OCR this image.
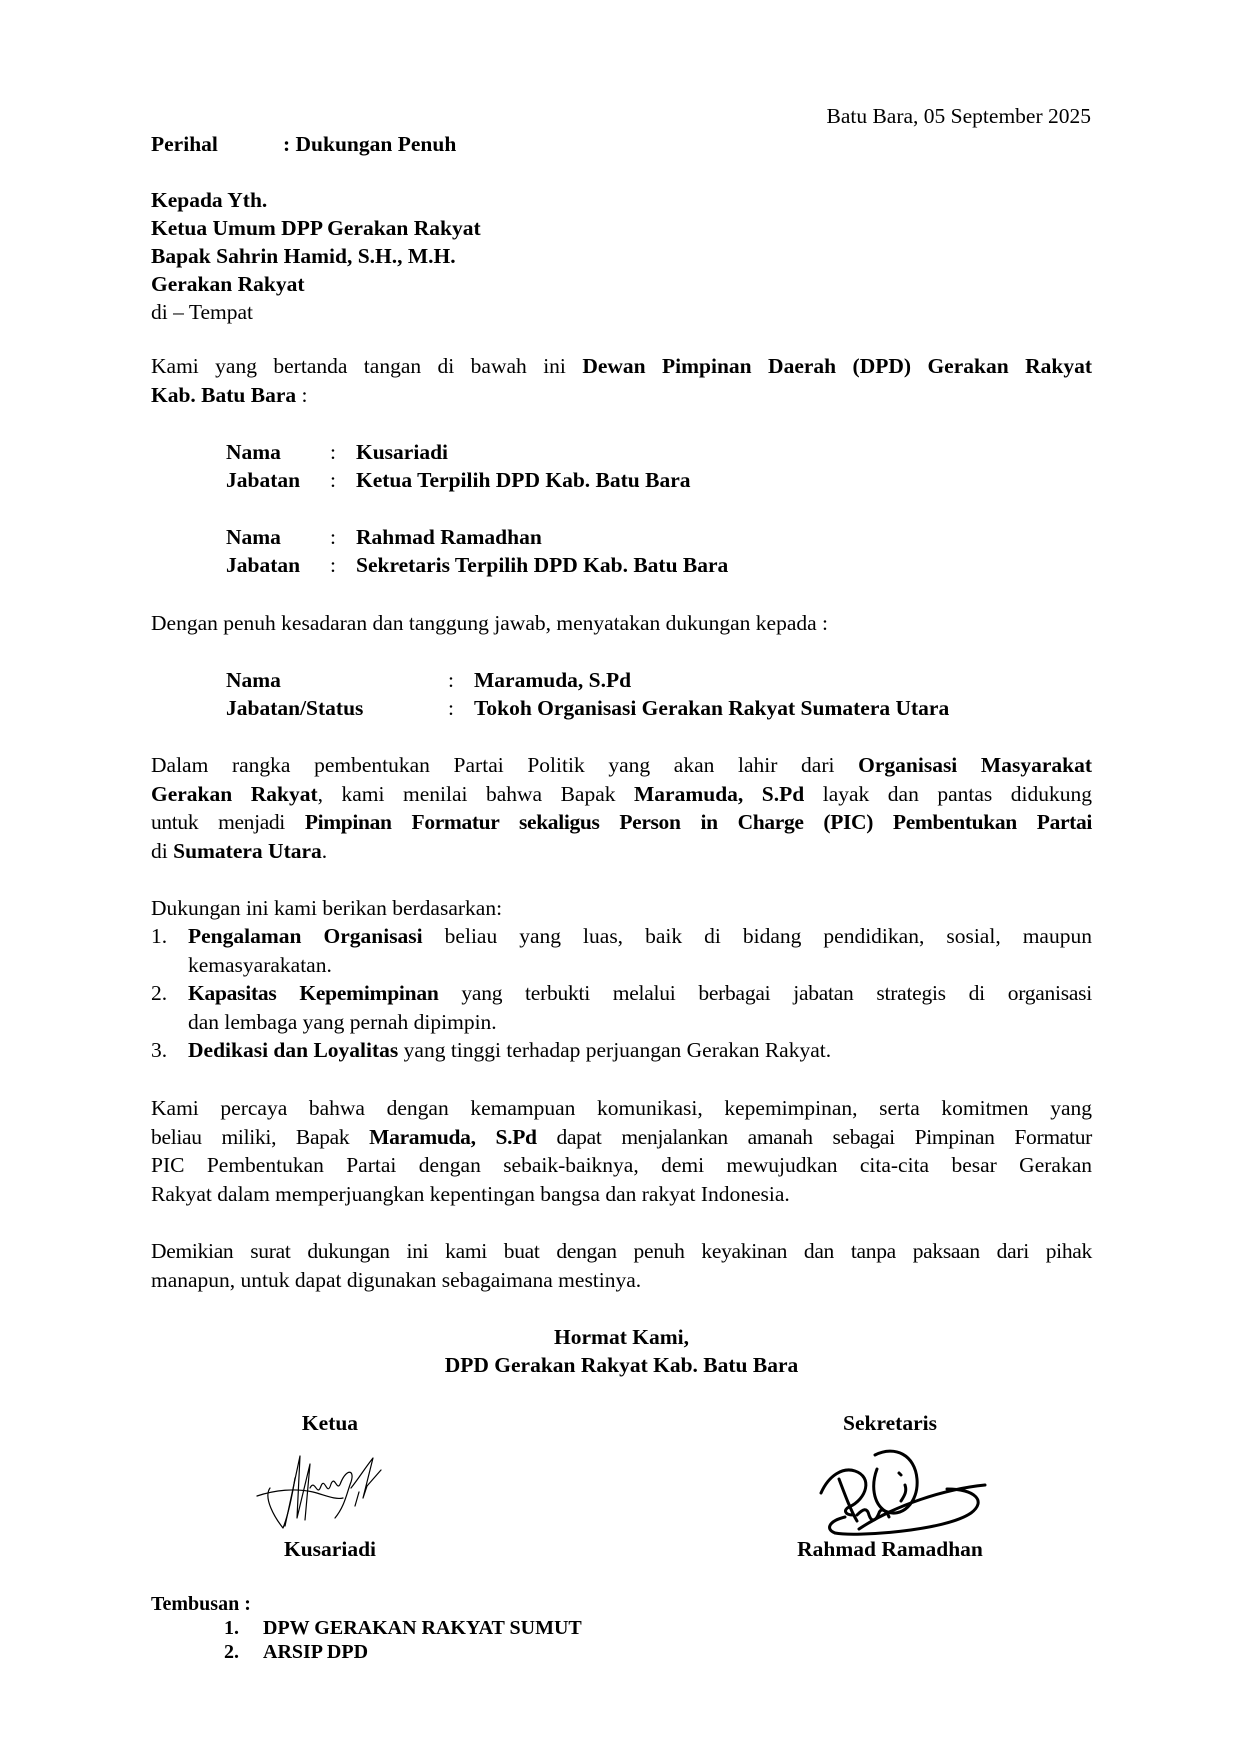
Batu Bara, 05 September 2025
Perihal	: Dukungan Penuh
Kepada Yth.
Ketua Umum DPP Gerakan Rakyat
Bapak Sahrin Hamid, S.H., M.H.
Gerakan Rakyat
di – Tempat
Kami yang bertanda tangan di bawah ini Dewan Pimpinan Daerah (DPD) Gerakan Rakyat
Kab. Batu Bara :
Nama : Kusariadi
Jabatan : Ketua Terpilih DPD Kab. Batu Bara
Nama : Rahmad Ramadhan
Jabatan : Sekretaris Terpilih DPD Kab. Batu Bara
Dengan penuh kesadaran dan tanggung jawab, menyatakan dukungan kepada :
Nama	: Maramuda, S.Pd
Jabatan/Status	: Tokoh Organisasi Gerakan Rakyat Sumatera Utara
Dalam rangka pembentukan Partai Politik yang akan lahir dari Organisasi Masyarakat
Gerakan Rakyat, kami menilai bahwa Bapak Maramuda, S.Pd layak dan pantas didukung
untuk menjadi Pimpinan Formatur sekaligus Person in Charge (PIC) Pembentukan Partai
di Sumatera Utara.
Dukungan ini kami berikan berdasarkan:
1. Pengalaman Organisasi beliau yang luas, baik di bidang pendidikan, sosial, maupun
kemasyarakatan.
2. Kapasitas Kepemimpinan yang terbukti melalui berbagai jabatan strategis di organisasi
dan lembaga yang pernah dipimpin.
3. Dedikasi dan Loyalitas yang tinggi terhadap perjuangan Gerakan Rakyat.
Kami percaya bahwa dengan kemampuan komunikasi, kepemimpinan, serta komitmen yang
beliau miliki, Bapak Maramuda, S.Pd dapat menjalankan amanah sebagai Pimpinan Formatur
PIC Pembentukan Partai dengan sebaik-baiknya, demi mewujudkan cita-cita besar Gerakan
Rakyat dalam memperjuangkan kepentingan bangsa dan rakyat Indonesia.
Demikian surat dukungan ini kami buat dengan penuh keyakinan dan tanpa paksaan dari pihak
manapun, untuk dapat digunakan sebagaimana mestinya.
Hormat Kami,
DPD Gerakan Rakyat Kab. Batu Bara
Ketua
Kusariadi
Sekretaris
Rahmad Ramadhan
Tembusan :
1. DPW GERAKAN RAKYAT SUMUT
2. ARSIP DPD
